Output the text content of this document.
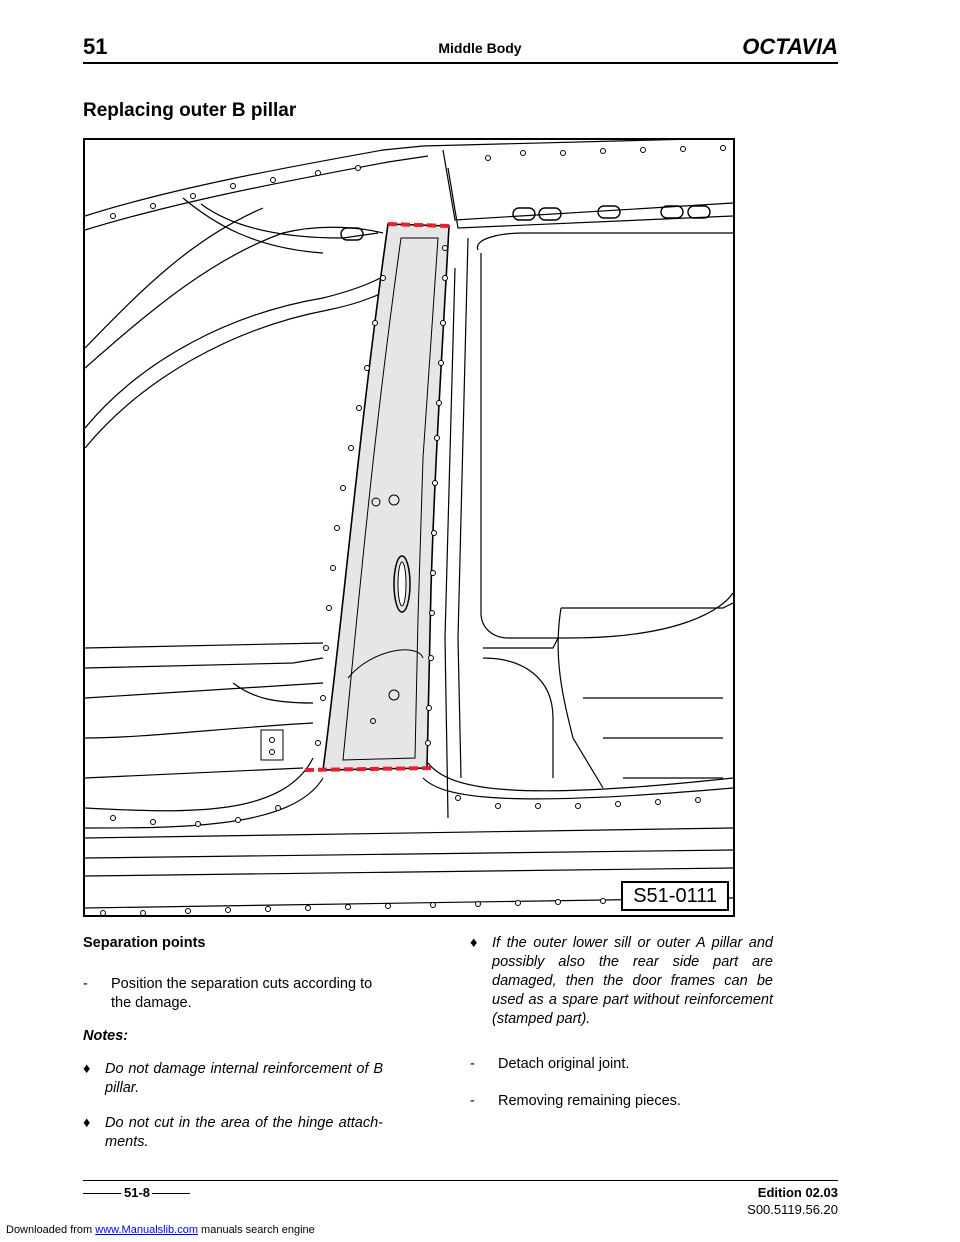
51	Middle Body	OCTAVIA
Replacing outer B pillar
S51-0111
Separation points
-	Position the separation cuts according to the damage.
Notes:
♦	Do not damage internal reinforcement of B pillar.
♦	Do not cut in the area of the hinge attach-ments.
♦	If the outer lower sill or outer A pillar and possibly also the rear side part are damaged, then the door frames can be used as a spare part without reinforcement (stamped part).
-	Detach original joint.
-	Removing remaining pieces.
51-8	Edition 02.03
S00.5119.56.20
Downloaded from www.Manualslib.com manuals search engine
